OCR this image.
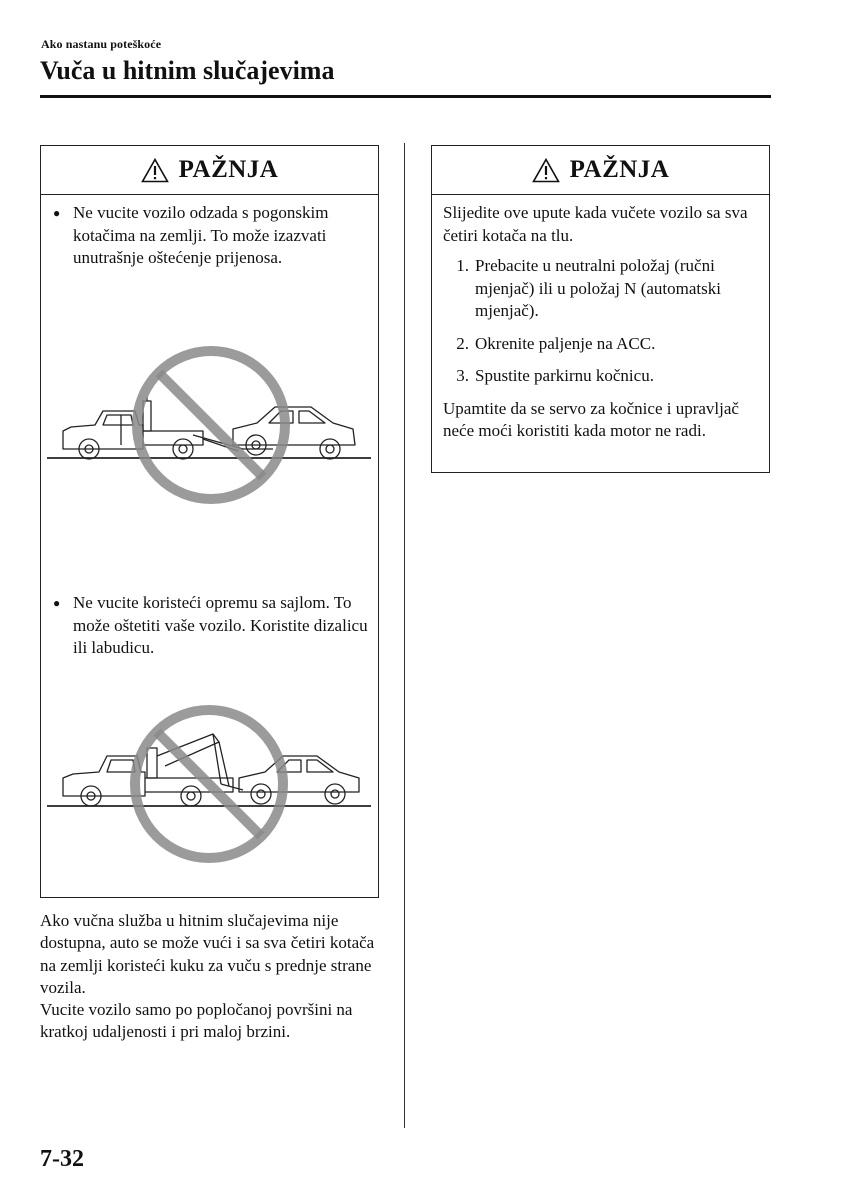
Ako nastanu poteškoće
Vuča u hitnim slučajevima
PAŽNJA
● Ne vucite vozilo odzada s pogonskim kotačima na zemlji. To može izazvati unutrašnje oštećenje prijenosa.
● Ne vucite koristeći opremu sa sajlom. To može oštetiti vaše vozilo. Koristite dizalicu ili labudicu.
PAŽNJA

Slijedite ove upute kada vučete vozilo sa sva četiri kotača na tlu.

1. Prebacite u neutralni položaj (ručni mjenjač) ili u položaj N (automatski mjenjač).
2. Okrenite paljenje na ACC.
3. Spustite parkirnu kočnicu.

Upamtite da se servo za kočnice i upravljač neće moći koristiti kada motor ne radi.

Ako vučna služba u hitnim slučajevima nije dostupna, auto se može vući i sa sva četiri kotača na zemlji koristeći kuku za vuču s prednje strane vozila.

Vucite vozilo samo po popločanoj površini na kratkoj udaljenosti i pri maloj brzini.

7-32
